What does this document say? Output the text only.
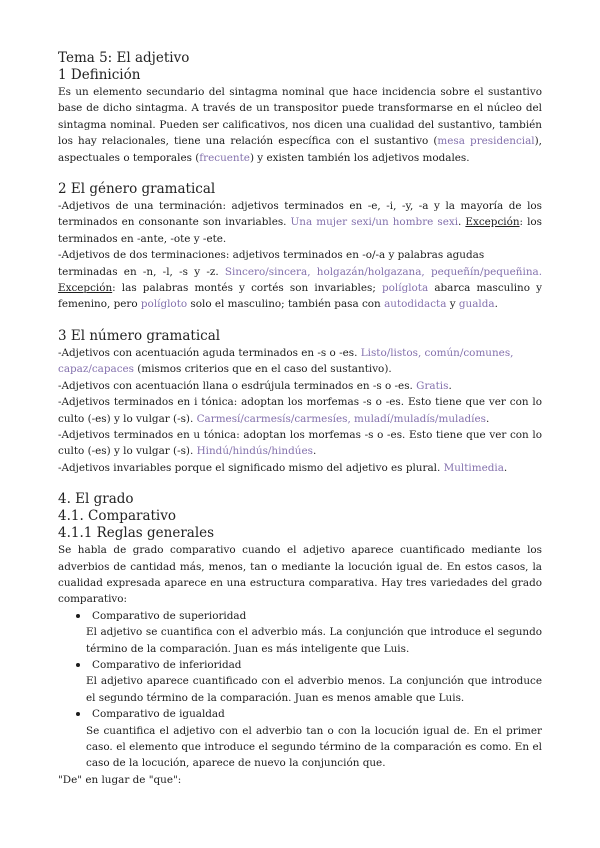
Tema 5: El adjetivo
1 Definición

Es un elemento secundario del sintagma nominal que hace incidencia sobre el sustantivo base de dicho sintagma. A través de un transpositor puede transformarse en el núcleo del sintagma nominal. Pueden ser calificativos, nos dicen una cualidad del sustantivo, también los hay relacionales, tiene una relación específica con el sustantivo (mesa presidencial), aspectuales o temporales (frecuente) y existen también los adjetivos modales.

2 El género gramatical

-Adjetivos de una terminación: adjetivos terminados en -e, -i, -y, -a y la mayoría de los terminados en consonante son invariables. Una mujer sexi/un hombre sexi. Excepción: los terminados en -ante, -ote y -ete.

-Adjetivos de dos terminaciones: adjetivos terminados en -o/-a y palabras agudas

terminadas en -n, -l, -s y -z. Sincero/sincera, holgazán/holgazana, pequeñín/pequeñina. Excepción: las palabras montés y cortés son invariables; políglota abarca masculino y femenino, pero polígloto solo el masculino; también pasa con autodidacta y gualda.

3 El número gramatical

-Adjetivos con acentuación aguda terminados en -s o -es. Listo/listos, común/comunes, capaz/capaces (mismos criterios que en el caso del sustantivo).

-Adjetivos con acentuación llana o esdrújula terminados en -s o -es. Gratis.

-Adjetivos terminados en i tónica: adoptan los morfemas -s o -es. Esto tiene que ver con lo culto (-es) y lo vulgar (-s). Carmesí/carmesís/carmesíes, muladí/muladís/muladíes.

-Adjetivos terminados en u tónica: adoptan los morfemas -s o -es. Esto tiene que ver con lo culto (-es) y lo vulgar (-s). Hindú/hindús/hindúes.

-Adjetivos invariables porque el significado mismo del adjetivo es plural. Multimedia.

4. El grado
4.1. Comparativo
4.1.1 Reglas generales

Se habla de grado comparativo cuando el adjetivo aparece cuantificado mediante los adverbios de cantidad más, menos, tan o mediante la locución igual de. En estos casos, la cualidad expresada aparece en una estructura comparativa. Hay tres variedades del grado comparativo:

Comparativo de superioridad

El adjetivo se cuantifica con el adverbio más. La conjunción que introduce el segundo término de la comparación. Juan es más inteligente que Luis.

Comparativo de inferioridad

El adjetivo aparece cuantificado con el adverbio menos. La conjunción que introduce el segundo término de la comparación. Juan es menos amable que Luis.

Comparativo de igualdad

Se cuantifica el adjetivo con el adverbio tan o con la locución igual de. En el primer caso. el elemento que introduce el segundo término de la comparación es como. En el caso de la locución, aparece de nuevo la conjunción que.

"De" en lugar de "que":
